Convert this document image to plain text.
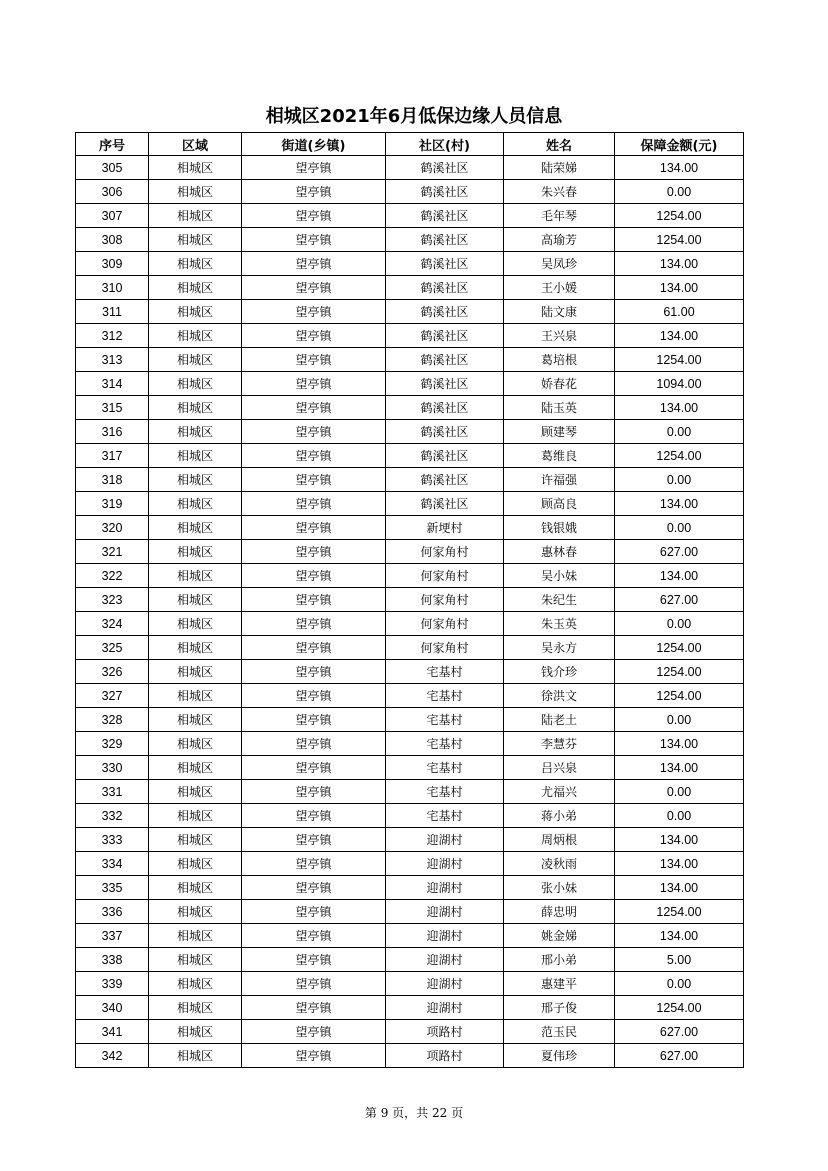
相城区2021年6月低保边缘人员信息
序号	区域	街道(乡镇)	社区(村)	姓名	保障金额(元)
305	相城区	望亭镇	鹤溪社区	陆荣娣	134.00
306	相城区	望亭镇	鹤溪社区	朱兴春	0.00
307	相城区	望亭镇	鹤溪社区	毛年琴	1254.00
308	相城区	望亭镇	鹤溪社区	高瑜芳	1254.00
309	相城区	望亭镇	鹤溪社区	吴凤珍	134.00
310	相城区	望亭镇	鹤溪社区	王小媛	134.00
311	相城区	望亭镇	鹤溪社区	陆文康	61.00
312	相城区	望亭镇	鹤溪社区	王兴泉	134.00
313	相城区	望亭镇	鹤溪社区	葛培根	1254.00
314	相城区	望亭镇	鹤溪社区	娇春花	1094.00
315	相城区	望亭镇	鹤溪社区	陆玉英	134.00
316	相城区	望亭镇	鹤溪社区	顾建琴	0.00
317	相城区	望亭镇	鹤溪社区	葛维良	1254.00
318	相城区	望亭镇	鹤溪社区	许福强	0.00
319	相城区	望亭镇	鹤溪社区	顾高良	134.00
320	相城区	望亭镇	新埂村	钱银娥	0.00
321	相城区	望亭镇	何家角村	惠林春	627.00
322	相城区	望亭镇	何家角村	吴小妹	134.00
323	相城区	望亭镇	何家角村	朱纪生	627.00
324	相城区	望亭镇	何家角村	朱玉英	0.00
325	相城区	望亭镇	何家角村	吴永方	1254.00
326	相城区	望亭镇	宅基村	钱介珍	1254.00
327	相城区	望亭镇	宅基村	徐洪文	1254.00
328	相城区	望亭镇	宅基村	陆老土	0.00
329	相城区	望亭镇	宅基村	李慧芬	134.00
330	相城区	望亭镇	宅基村	吕兴泉	134.00
331	相城区	望亭镇	宅基村	尤福兴	0.00
332	相城区	望亭镇	宅基村	蒋小弟	0.00
333	相城区	望亭镇	迎湖村	周炳根	134.00
334	相城区	望亭镇	迎湖村	凌秋雨	134.00
335	相城区	望亭镇	迎湖村	张小妹	134.00
336	相城区	望亭镇	迎湖村	薛忠明	1254.00
337	相城区	望亭镇	迎湖村	姚金娣	134.00
338	相城区	望亭镇	迎湖村	邢小弟	5.00
339	相城区	望亭镇	迎湖村	惠建平	0.00
340	相城区	望亭镇	迎湖村	邢子俊	1254.00
341	相城区	望亭镇	项路村	范玉民	627.00
342	相城区	望亭镇	项路村	夏伟珍	627.00
第 9 页，共 22 页
